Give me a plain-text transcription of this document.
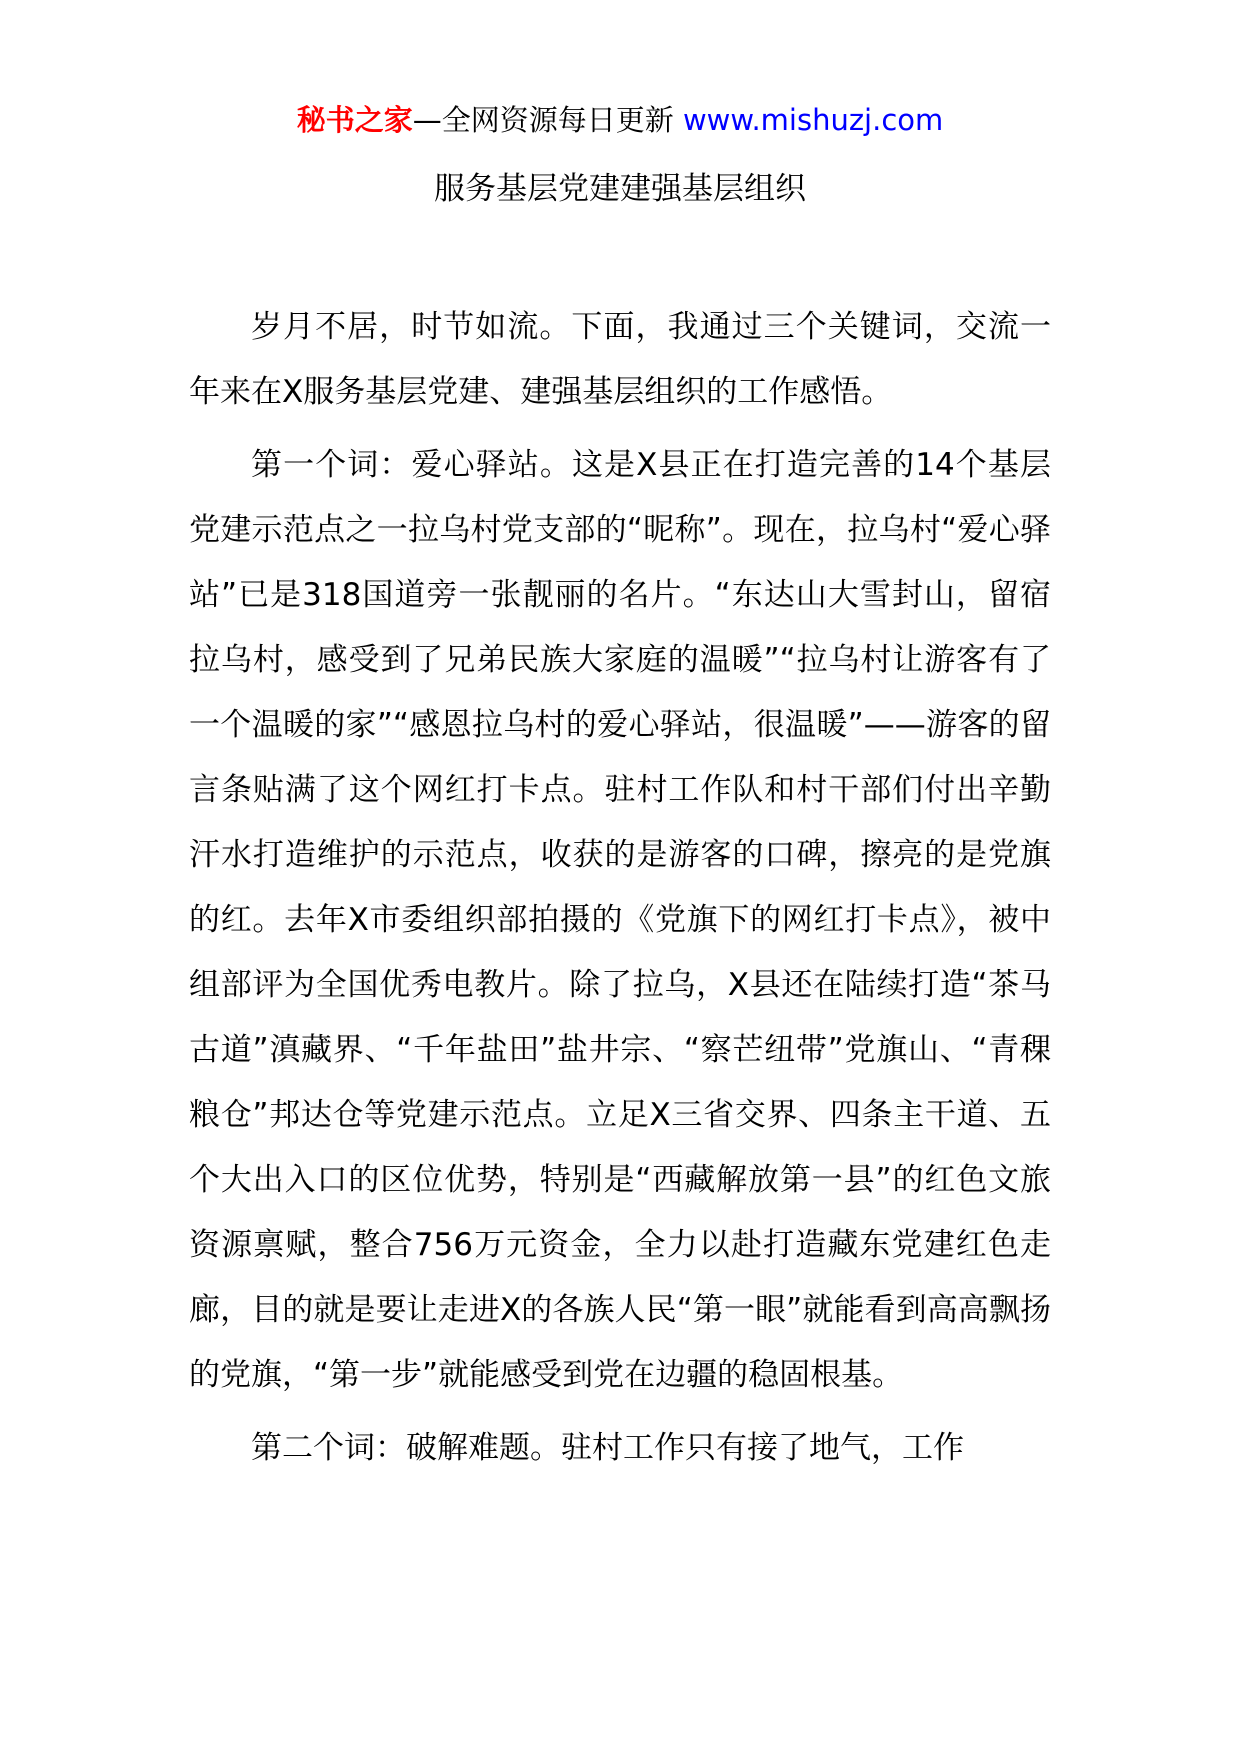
秘书之家—全网资源每日更新 www.mishuzj.com
服务基层党建建强基层组织

岁月不居，时节如流。下面，我通过三个关键词，交流一年来在X服务基层党建、建强基层组织的工作感悟。

第一个词：爱心驿站。这是X县正在打造完善的14个基层党建示范点之一拉乌村党支部的“昵称”。现在，拉乌村“爱心驿站”已是318国道旁一张靓丽的名片。“东达山大雪封山，留宿拉乌村，感受到了兄弟民族大家庭的温暖”“拉乌村让游客有了一个温暖的家”“感恩拉乌村的爱心驿站，很温暖”——游客的留言条贴满了这个网红打卡点。驻村工作队和村干部们付出辛勤汗水打造维护的示范点，收获的是游客的口碑，擦亮的是党旗的红。去年X市委组织部拍摄的《党旗下的网红打卡点》，被中组部评为全国优秀电教片。除了拉乌，X县还在陆续打造“茶马古道”滇藏界、“千年盐田”盐井宗、“察芒纽带”党旗山、“青稞粮仓”邦达仓等党建示范点。立足X三省交界、四条主干道、五个大出入口的区位优势，特别是“西藏解放第一县”的红色文旅资源禀赋，整合756万元资金，全力以赴打造藏东党建红色走廊，目的就是要让走进X的各族人民“第一眼”就能看到高高飘扬的党旗，“第一步”就能感受到党在边疆的稳固根基。

第二个词：破解难题。驻村工作只有接了地气，工作
